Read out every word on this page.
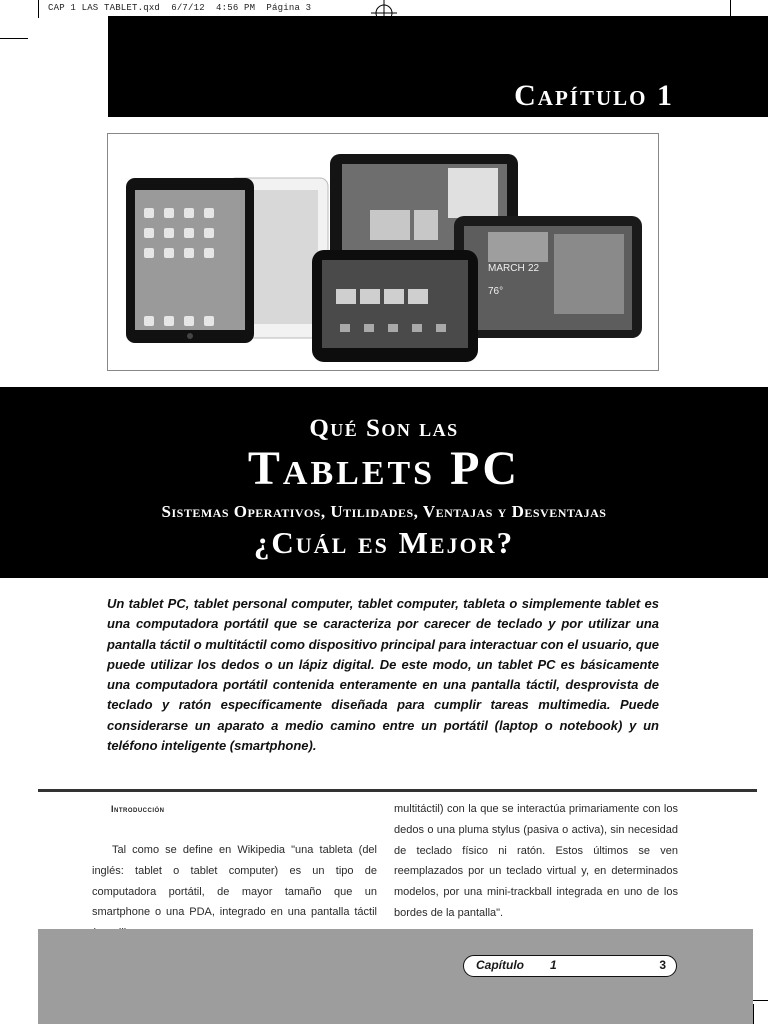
CAP 1 LAS TABLET.qxd  6/7/12  4:56 PM  Página 3
Capítulo 1
MARCH 22
76°
Qué Son las
Tablets PC
Sistemas Operativos, Utilidades, Ventajas y Desventajas
¿Cuál es Mejor?

Un tablet PC, tablet personal computer, tablet computer, tableta o simplemente tablet es una computadora portátil que se caracteriza por carecer de teclado y por utilizar una pantalla táctil o multitáctil como dispositivo principal para interactuar con el usuario, que puede utilizar los dedos o un lápiz digital. De este modo, un tablet PC es básicamente una computadora portátil contenida enteramente en una pantalla táctil, desprovista de teclado y ratón específicamente diseñada para cumplir tareas multimedia. Puede considerarse un aparato a medio camino entre un portátil (laptop o notebook) y un teléfono inteligente (smartphone).

Introducción

Tal como se define en Wikipedia "una tableta (del inglés: tablet o tablet computer) es un tipo de computadora portátil, de mayor tamaño que un smartphone o una PDA, integrado en una pantalla táctil

multitáctil) con la que se interactúa primariamente con los dedos o una pluma stylus (pasiva o activa), sin necesidad de teclado físico ni ratón. Estos últimos se ven reemplazados por un teclado virtual y, en determinados modelos, por una mini-trackball integrada en uno de los bordes de la pantalla".

Capítulo 1	3
